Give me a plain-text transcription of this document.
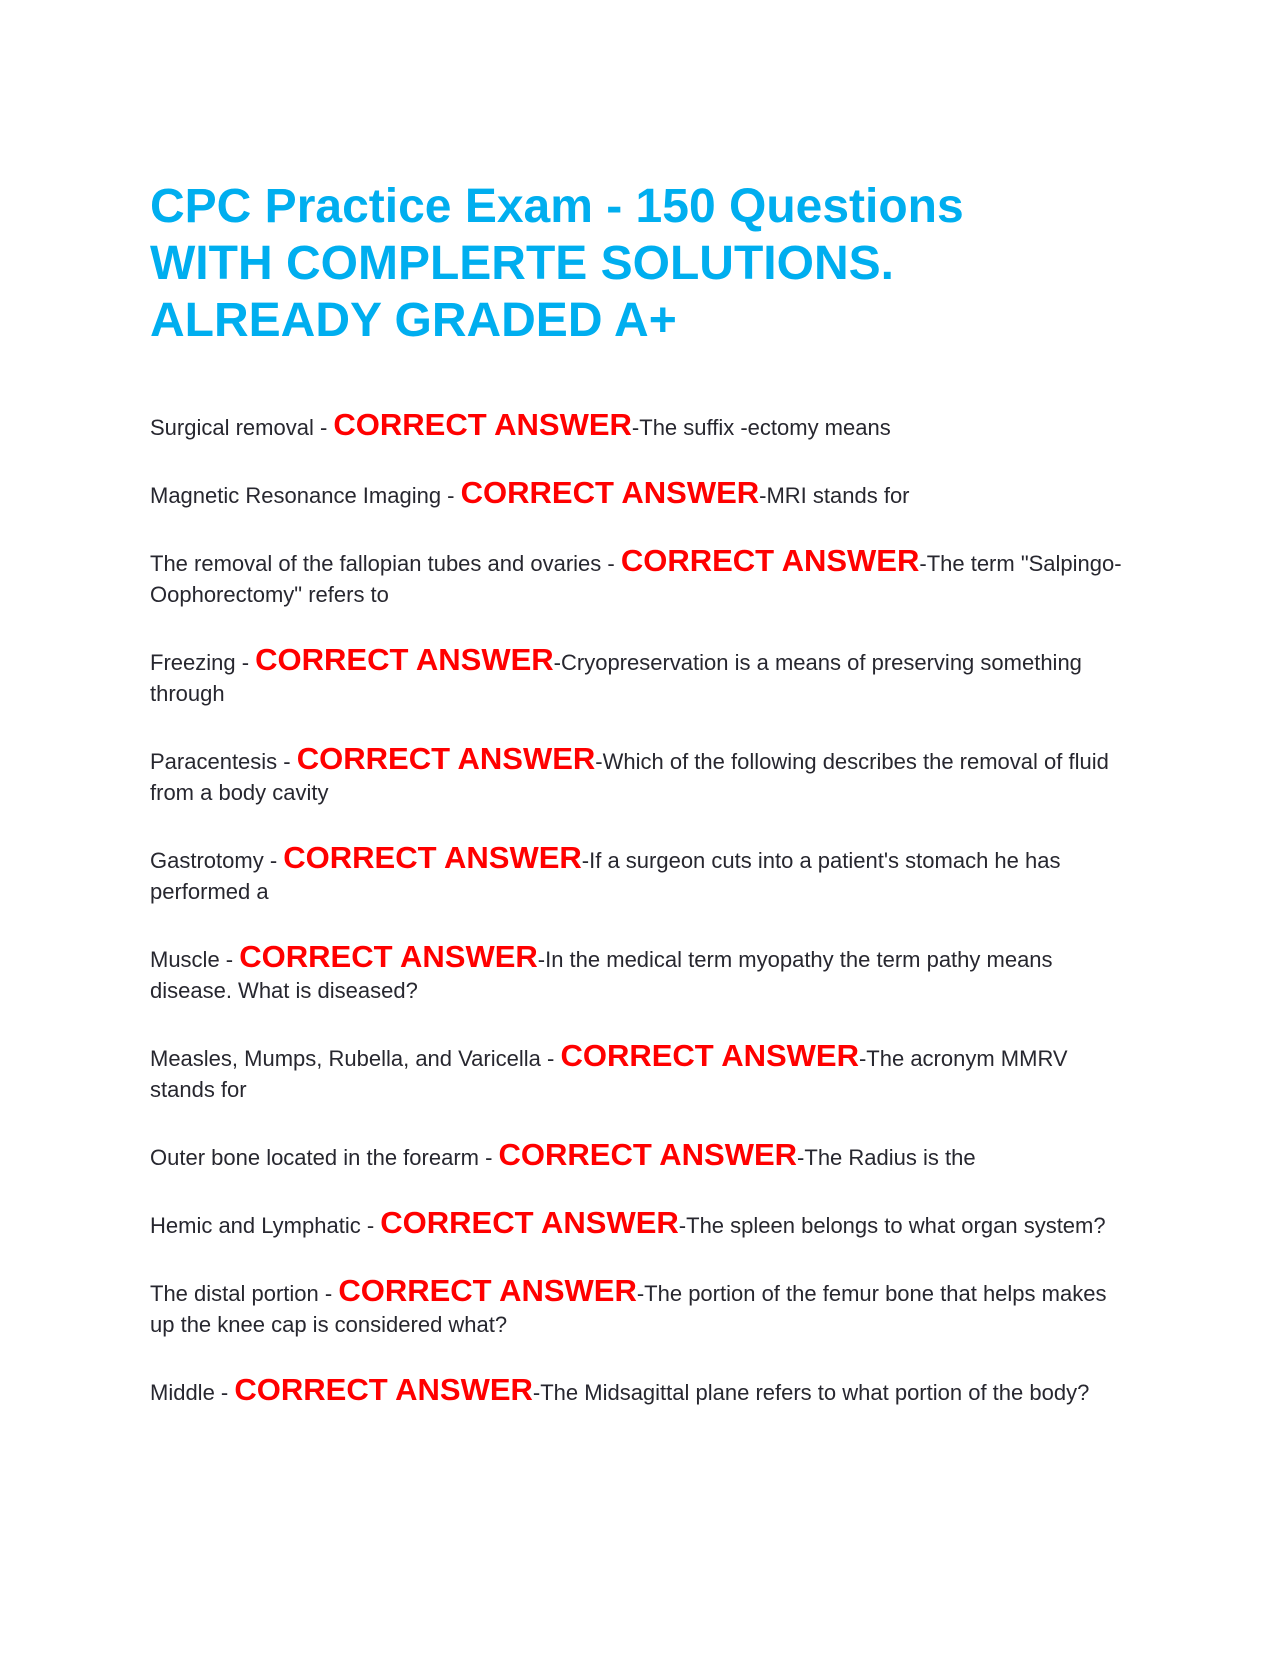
CPC Practice Exam - 150 Questions
WITH COMPLERTE SOLUTIONS.
ALREADY GRADED A+

Surgical removal - CORRECT ANSWER-The suffix -ectomy means

Magnetic Resonance Imaging - CORRECT ANSWER-MRI stands for

The removal of the fallopian tubes and ovaries - CORRECT ANSWER-The term "Salpingo-Oophorectomy" refers to

Freezing - CORRECT ANSWER-Cryopreservation is a means of preserving something through

Paracentesis - CORRECT ANSWER-Which of the following describes the removal of fluid from a body cavity

Gastrotomy - CORRECT ANSWER-If a surgeon cuts into a patient's stomach he has performed a

Muscle - CORRECT ANSWER-In the medical term myopathy the term pathy means disease. What is diseased?

Measles, Mumps, Rubella, and Varicella - CORRECT ANSWER-The acronym MMRV stands for

Outer bone located in the forearm - CORRECT ANSWER-The Radius is the

Hemic and Lymphatic - CORRECT ANSWER-The spleen belongs to what organ system?

The distal portion - CORRECT ANSWER-The portion of the femur bone that helps makes up the knee cap is considered what?

Middle - CORRECT ANSWER-The Midsagittal plane refers to what portion of the body?
